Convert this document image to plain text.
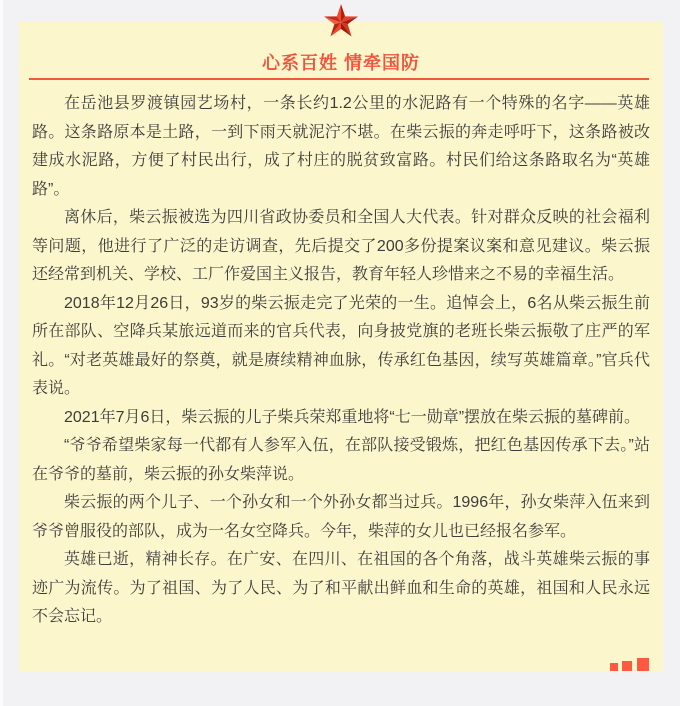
心系百姓 情牵国防

在岳池县罗渡镇园艺场村，一条长约1.2公里的水泥路有一个特殊的名字——英雄路。这条路原本是土路，一到下雨天就泥泞不堪。在柴云振的奔走呼吁下，这条路被改建成水泥路，方便了村民出行，成了村庄的脱贫致富路。村民们给这条路取名为“英雄路”。

离休后，柴云振被选为四川省政协委员和全国人大代表。针对群众反映的社会福利等问题，他进行了广泛的走访调查，先后提交了200多份提案议案和意见建议。柴云振还经常到机关、学校、工厂作爱国主义报告，教育年轻人珍惜来之不易的幸福生活。

2018年12月26日，93岁的柴云振走完了光荣的一生。追悼会上，6名从柴云振生前所在部队、空降兵某旅远道而来的官兵代表，向身披党旗的老班长柴云振敬了庄严的军礼。“对老英雄最好的祭奠，就是赓续精神血脉，传承红色基因，续写英雄篇章。”官兵代表说。

2021年7月6日，柴云振的儿子柴兵荣郑重地将“七一勋章”摆放在柴云振的墓碑前。

“爷爷希望柴家每一代都有人参军入伍，在部队接受锻炼，把红色基因传承下去。”站在爷爷的墓前，柴云振的孙女柴萍说。

柴云振的两个儿子、一个孙女和一个外孙女都当过兵。1996年，孙女柴萍入伍来到爷爷曾服役的部队，成为一名女空降兵。今年，柴萍的女儿也已经报名参军。

英雄已逝，精神长存。在广安、在四川、在祖国的各个角落，战斗英雄柴云振的事迹广为流传。为了祖国、为了人民、为了和平献出鲜血和生命的英雄，祖国和人民永远不会忘记。
